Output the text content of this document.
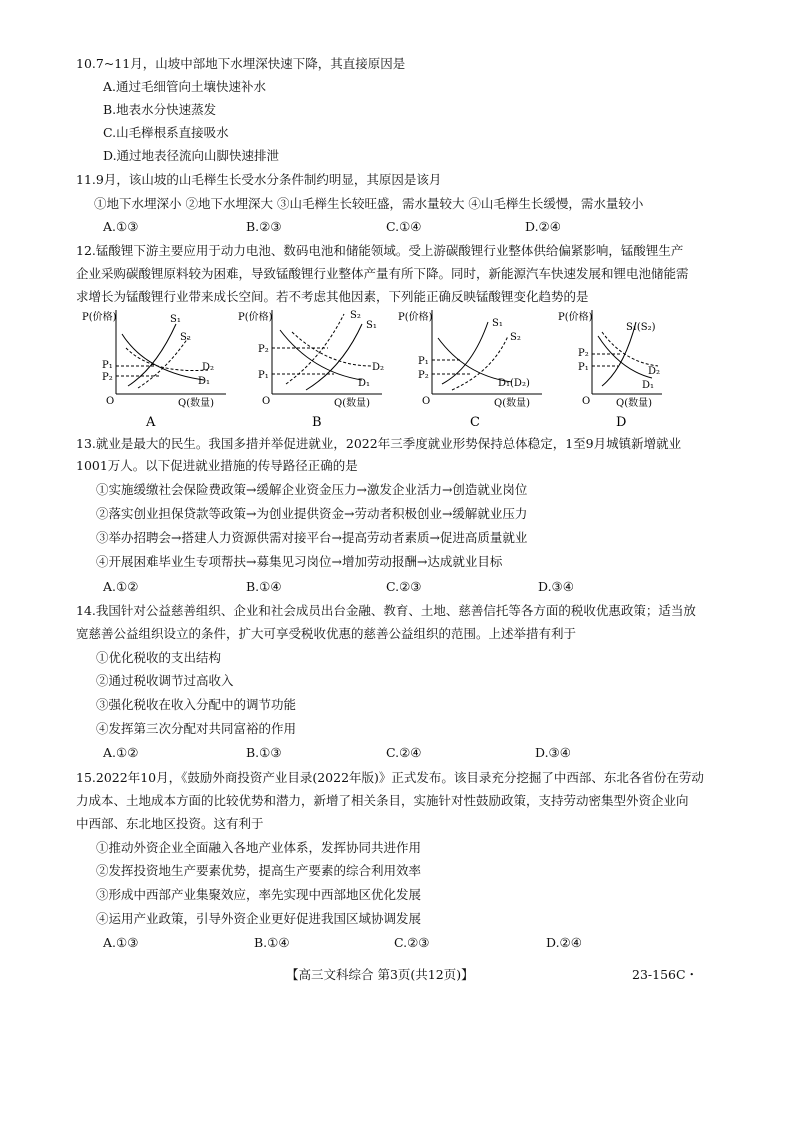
10.7~11月，山坡中部地下水埋深快速下降，其直接原因是
A.通过毛细管向土壤快速补水
B.地表水分快速蒸发
C.山毛榉根系直接吸水
D.通过地表径流向山脚快速排泄
11.9月，该山坡的山毛榉生长受水分条件制约明显，其原因是该月
①地下水埋深小 ②地下水埋深大 ③山毛榉生长较旺盛，需水量较大 ④山毛榉生长缓慢，需水量较小
A.①③	B.②③	C.①④	D.②④
12.锰酸锂下游主要应用于动力电池、数码电池和储能领域。受上游碳酸锂行业整体供给偏紧影响，锰酸锂生产
企业采购碳酸锂原料较为困难，导致锰酸锂行业整体产量有所下降。同时，新能源汽车快速发展和锂电池储能需
求增长为锰酸锂行业带来成长空间。若不考虑其他因素，下列能正确反映锰酸锂变化趋势的是
P(价格)
Q(数量)
O
S₁
S₂
P₁
P₂
D₂
D₁
A
P(价格)
Q(数量)
O
S₂
S₁
P₂
P₁
D₁
D₂
B
P(价格)
Q(数量)
O
S₁
S₂
P₁
P₂
D₁(D₂)
C
P(价格)
Q(数量)
O
S₁(S₂)
P₂
P₁	D₂
D₁
D
13.就业是最大的民生。我国多措并举促进就业，2022年三季度就业形势保持总体稳定，1至9月城镇新增就业
1001万人。以下促进就业措施的传导路径正确的是
①实施缓缴社会保险费政策→缓解企业资金压力→激发企业活力→创造就业岗位
②落实创业担保贷款等政策→为创业提供资金→劳动者积极创业→缓解就业压力
③举办招聘会→搭建人力资源供需对接平台→提高劳动者素质→促进高质量就业
④开展困难毕业生专项帮扶→募集见习岗位→增加劳动报酬→达成就业目标
A.①②	B.①④	C.②③	D.③④
14.我国针对公益慈善组织、企业和社会成员出台金融、教育、土地、慈善信托等各方面的税收优惠政策；适当放
宽慈善公益组织设立的条件，扩大可享受税收优惠的慈善公益组织的范围。上述举措有利于
①优化税收的支出结构
②通过税收调节过高收入
③强化税收在收入分配中的调节功能
④发挥第三次分配对共同富裕的作用
A.①②	B.①③	C.②④	D.③④
15.2022年10月，《鼓励外商投资产业目录(2022年版)》正式发布。该目录充分挖掘了中西部、东北各省份在劳动
力成本、土地成本方面的比较优势和潜力，新增了相关条目，实施针对性鼓励政策，支持劳动密集型外资企业向
中西部、东北地区投资。这有利于
①推动外资企业全面融入各地产业体系，发挥协同共进作用
②发挥投资地生产要素优势，提高生产要素的综合利用效率
③形成中西部产业集聚效应，率先实现中西部地区优化发展
④运用产业政策，引导外资企业更好促进我国区域协调发展
A.①③	B.①④	C.②③	D.②④
【高三文科综合 第3页(共12页)】	23-156C・
